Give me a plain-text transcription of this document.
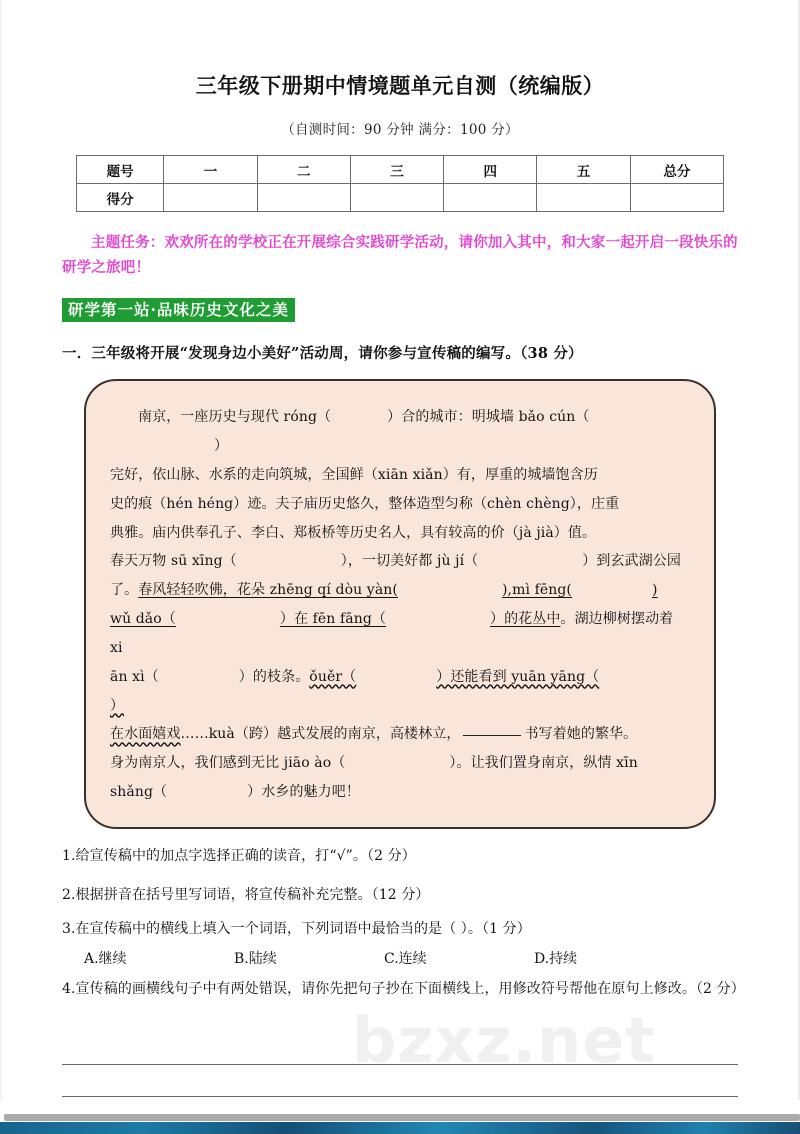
bzxz.net
三年级下册期中情境题单元自测（统编版）
（自测时间：90 分钟 满分：100 分）
题号	一	二	三	四	五	总分
得分						
主题任务：欢欢所在的学校正在开展综合实践研学活动，请你加入其中，和大家一起开启一段快乐的研学之旅吧！
研学第一站·品味历史文化之美
一．三年级将开展“发现身边小美好”活动周，请你参与宣传稿的编写。（38 分）

南京，一座历史与现代 róng（	）合的城市：明城墙 bǎo cún（）

完好，依山脉、水系的走向筑城，全国鲜（xiān xiǎn）有，厚重的城墙饱含历

史的痕（hén héng）迹。夫子庙历史悠久，整体造型匀称（chèn chèng），庄重

典雅。庙内供奉孔子、李白、郑板桥等历史名人，具有较高的价（jà jià）值。

春天万物 sū xīng（	），一切美好都 jù jí（	）到玄武湖公园

了。春风轻轻吹佛，花朵 zhēng qí dòu yàn(	),mì fēng(	)

wǔ dǎo（	）在 fēn fāng（	）的花丛中。湖边柳树摆动着 xi

ān xì（	）的枝条。ǒuěr（	）还能看到 yuān yāng（）

在水面嬉戏……kuà（跨）越式发展的南京，高楼林立，	书写着她的繁华。

身为南京人，我们感到无比 jiāo ào（	）。让我们置身南京，纵情 xīn

shǎng（	）水乡的魅力吧！

1.给宣传稿中的加点字选择正确的读音，打“√”。（2 分）
2.根据拼音在括号里写词语，将宣传稿补充完整。（12 分）
3.在宣传稿中的横线上填入一个词语，下列词语中最恰当的是（ ）。（1 分）
A.继续	B.陆续	C.连续	D.持续
4.宣传稿的画横线句子中有两处错误，请你先把句子抄在下面横线上，用修改符号帮他在原句上修改。（2 分）
